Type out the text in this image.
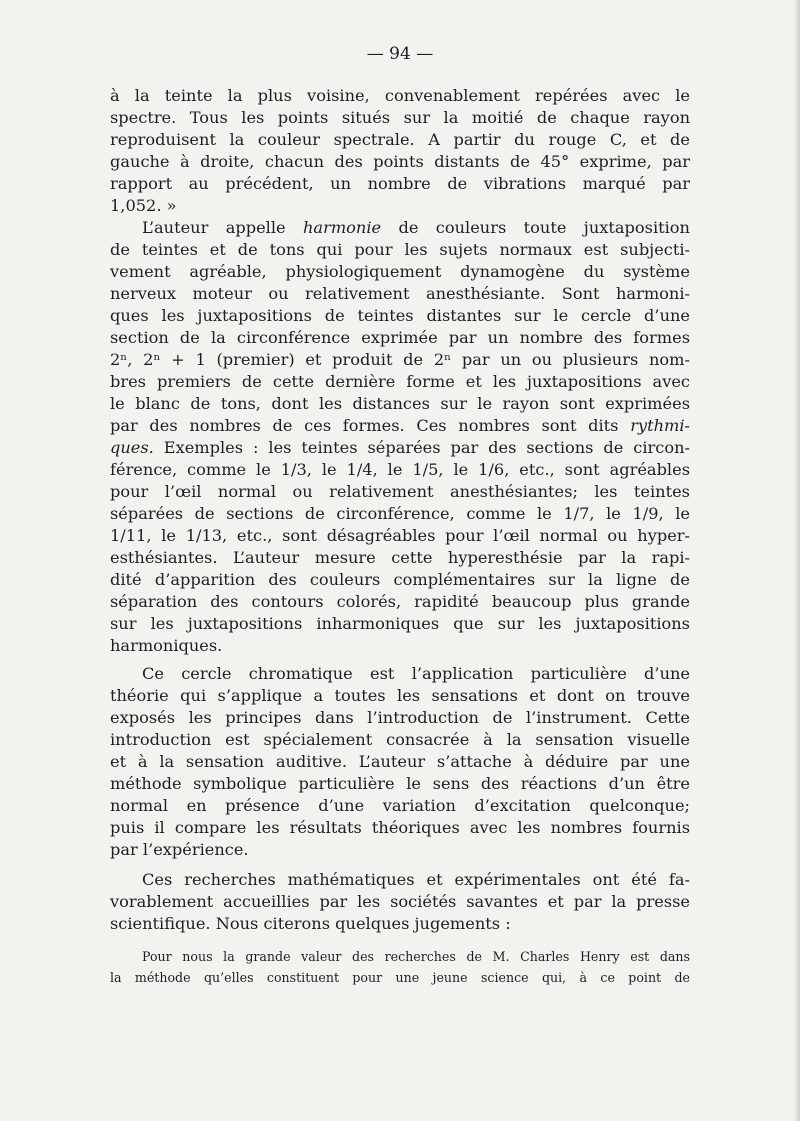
— 94 —
à la teinte la plus voisine, convenablement repérées avec le
spectre. Tous les points situés sur la moitié de chaque rayon
reproduisent la couleur spectrale. A partir du rouge C, et de
gauche à droite, chacun des points distants de 45° exprime, par
rapport au précédent, un nombre de vibrations marqué par
1,052. »
L’auteur appelle harmonie de couleurs toute juxtaposition
de teintes et de tons qui pour les sujets normaux est subjecti-
vement agréable, physiologiquement dynamogène du système
nerveux moteur ou relativement anesthésiante. Sont harmoni-
ques les juxtapositions de teintes distantes sur le cercle d’une
section de la circonférence exprimée par un nombre des formes
2ⁿ, 2ⁿ + 1 (premier) et produit de 2ⁿ par un ou plusieurs nom-
bres premiers de cette dernière forme et les juxtapositions avec
le blanc de tons, dont les distances sur le rayon sont exprimées
par des nombres de ces formes. Ces nombres sont dits rythmi-
ques. Exemples : les teintes séparées par des sections de circon-
férence, comme le 1/3, le 1/4, le 1/5, le 1/6, etc., sont agréables
pour l’œil normal ou relativement anesthésiantes; les teintes
séparées de sections de circonférence, comme le 1/7, le 1/9, le
1/11, le 1/13, etc., sont désagréables pour l’œil normal ou hyper-
esthésiantes. L’auteur mesure cette hyperesthésie par la rapi-
dité d’apparition des couleurs complémentaires sur la ligne de
séparation des contours colorés, rapidité beaucoup plus grande
sur les juxtapositions inharmoniques que sur les juxtapositions
harmoniques.
Ce cercle chromatique est l’application particulière d’une
théorie qui s’applique a toutes les sensations et dont on trouve
exposés les principes dans l’introduction de l’instrument. Cette
introduction est spécialement consacrée à la sensation visuelle
et à la sensation auditive. L’auteur s’attache à déduire par une
méthode symbolique particulière le sens des réactions d’un être
normal en présence d’une variation d’excitation quelconque;
puis il compare les résultats théoriques avec les nombres fournis
par l’expérience.
Ces recherches mathématiques et expérimentales ont été fa-
vorablement accueillies par les sociétés savantes et par la presse
scientifique. Nous citerons quelques jugements :
Pour nous la grande valeur des recherches de M. Charles Henry est dans
la méthode qu’elles constituent pour une jeune science qui, à ce point de
